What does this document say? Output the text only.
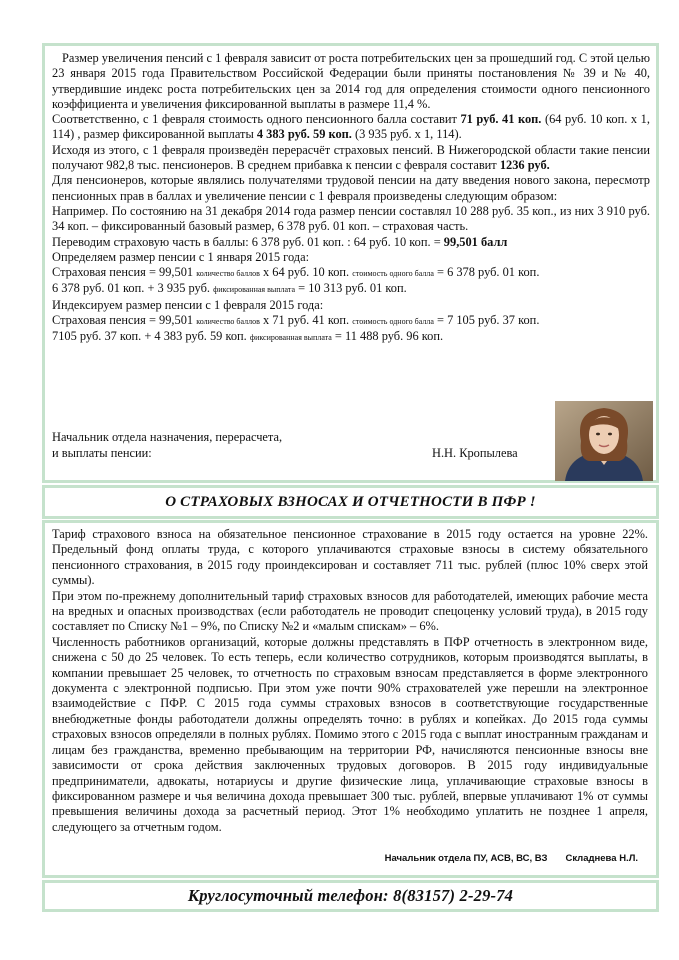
Размер увеличения пенсий с 1 февраля зависит от роста потребительских цен за прошедший год. С этой целью 23 января 2015 года Правительством Российской Федерации были приняты постановления № 39 и № 40, утвердившие индекс роста потребительских цен за 2014 год для определения стоимости одного пенсионного коэффициента и увеличения фиксированной выплаты в размере 11,4 %.

Соответственно, с 1 февраля стоимость одного пенсионного балла составит 71 руб. 41 коп. (64 руб. 10 коп. х 1, 114) , размер фиксированной выплаты 4 383 руб. 59 коп. (3 935 руб. х 1, 114).

Исходя из этого, с 1 февраля произведён перерасчёт страховых пенсий. В Нижегородской области такие пенсии получают 982,8 тыс. пенсионеров. В среднем прибавка к пенсии с февраля составит 1236 руб.

Для пенсионеров, которые являлись получателями трудовой пенсии на дату введения нового закона, пересмотр пенсионных прав в баллах и увеличение пенсии с 1 февраля произведены следующим образом:

Например. По состоянию на 31 декабря 2014 года размер пенсии составлял 10 288 руб. 35 коп., из них 3 910 руб. 34 коп. – фиксированный базовый размер, 6 378 руб. 01 коп. – страховая часть.

Переводим страховую часть в баллы: 6 378 руб. 01 коп. : 64 руб. 10 коп. = 99,501 балл

Определяем размер пенсии с 1 января 2015 года:

Страховая пенсия = 99,501 количество баллов х 64 руб. 10 коп. стоимость одного балла = 6 378 руб. 01 коп.

6 378 руб. 01 коп. + 3 935 руб. фиксированная выплата = 10 313 руб. 01 коп.

Индексируем размер пенсии с 1 февраля 2015 года:

Страховая пенсия = 99,501 количество баллов х 71 руб. 41 коп. стоимость одного балла = 7 105 руб. 37 коп.

7105 руб. 37 коп. + 4 383 руб. 59 коп. фиксированная выплата = 11 488 руб. 96 коп.

Начальник отдела назначения, перерасчета,
и выплаты пенсии:	Н.Н. Кропылева
О СТРАХОВЫХ ВЗНОСАХ И ОТЧЕТНОСТИ В ПФР !

Тариф страхового взноса на обязательное пенсионное страхование в 2015 году остается на уровне 22%. Предельный фонд оплаты труда, с которого уплачиваются страховые взносы в систему обязательного пенсионного страхования, в 2015 году проиндексирован и составляет 711 тыс. рублей (плюс 10% сверх этой суммы).

При этом по-прежнему дополнительный тариф страховых взносов для работодателей, имеющих рабочие места на вредных и опасных производствах (если работодатель не проводит спецоценку условий труда), в 2015 году составляет по Списку №1 – 9%, по Списку №2 и «малым спискам» – 6%.

Численность работников организаций, которые должны представлять в ПФР отчетность в электронном виде, снижена с 50 до 25 человек. То есть теперь, если количество сотрудников, которым производятся выплаты, в компании превышает 25 человек, то отчетность по страховым взносам представляется в форме электронного документа с электронной подписью. При этом уже почти 90% страхователей уже перешли на электронное взаимодействие с ПФР. С 2015 года суммы страховых взносов в соответствующие государственные внебюджетные фонды работодатели должны определять точно: в рублях и копейках. До 2015 года суммы страховых взносов определяли в полных рублях. Помимо этого с 2015 года с выплат иностранным гражданам и лицам без гражданства, временно пребывающим на территории РФ, начисляются пенсионные взносы вне зависимости от срока действия заключенных трудовых договоров. В 2015 году индивидуальные предприниматели, адвокаты, нотариусы и другие физические лица, уплачивающие страховые взносы в фиксированном размере и чья величина дохода превышает 300 тыс. рублей, впервые уплачивают 1% от суммы превышения величины дохода за расчетный период. Этот 1% необходимо уплатить не позднее 1 апреля, следующего за отчетным годом.

Начальник отдела ПУ, АСВ, ВС, ВЗ Складнева Н.Л.
Круглосуточный телефон: 8(83157) 2-29-74
